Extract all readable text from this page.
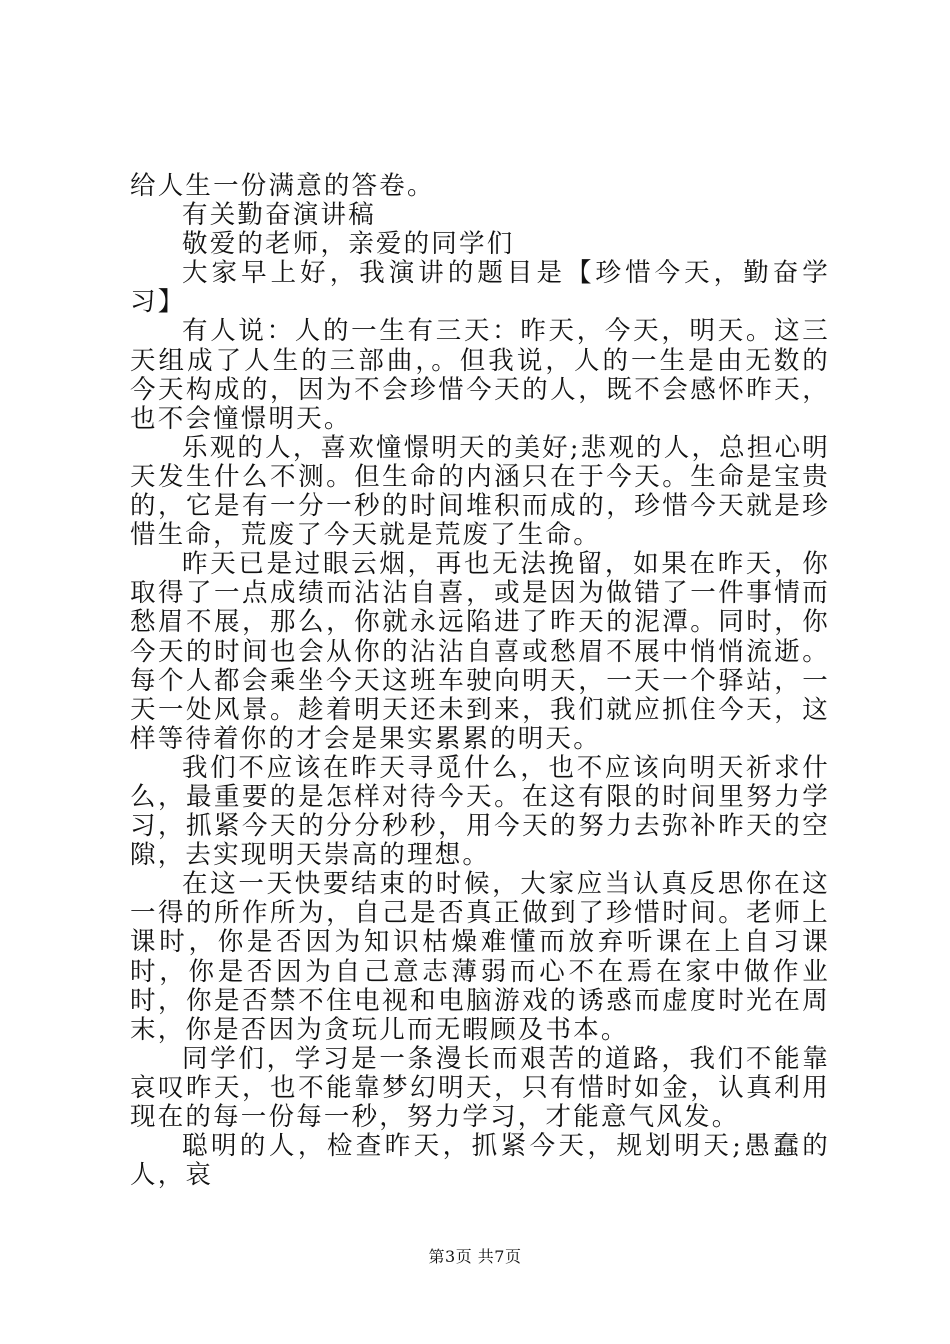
给人生一份满意的答卷。

有关勤奋演讲稿

敬爱的老师，亲爱的同学们

大家早上好，我演讲的题目是【珍惜今天，勤奋学习】

有人说：人的一生有三天：昨天，今天，明天。这三天组成了人生的三部曲，。但我说，人的一生是由无数的今天构成的，因为不会珍惜今天的人，既不会感怀昨天，也不会憧憬明天。

乐观的人，喜欢憧憬明天的美好;悲观的人，总担心明天发生什么不测。但生命的内涵只在于今天。生命是宝贵的，它是有一分一秒的时间堆积而成的，珍惜今天就是珍惜生命，荒废了今天就是荒废了生命。

昨天已是过眼云烟，再也无法挽留，如果在昨天，你取得了一点成绩而沾沾自喜，或是因为做错了一件事情而愁眉不展，那么，你就永远陷进了昨天的泥潭。同时，你今天的时间也会从你的沾沾自喜或愁眉不展中悄悄流逝。每个人都会乘坐今天这班车驶向明天，一天一个驿站，一天一处风景。趁着明天还未到来，我们就应抓住今天，这样等待着你的才会是果实累累的明天。

我们不应该在昨天寻觅什么，也不应该向明天祈求什么，最重要的是怎样对待今天。在这有限的时间里努力学习，抓紧今天的分分秒秒，用今天的努力去弥补昨天的空隙，去实现明天崇高的理想。

在这一天快要结束的时候，大家应当认真反思你在这一得的所作所为，自己是否真正做到了珍惜时间。老师上课时，你是否因为知识枯燥难懂而放弃听课在上自习课时，你是否因为自己意志薄弱而心不在焉在家中做作业时，你是否禁不住电视和电脑游戏的诱惑而虚度时光在周末，你是否因为贪玩儿而无暇顾及书本。

同学们，学习是一条漫长而艰苦的道路，我们不能靠哀叹昨天，也不能靠梦幻明天，只有惜时如金，认真利用现在的每一份每一秒，努力学习，才能意气风发。

聪明的人，检查昨天，抓紧今天，规划明天;愚蠢的人，哀

第3页 共7页
